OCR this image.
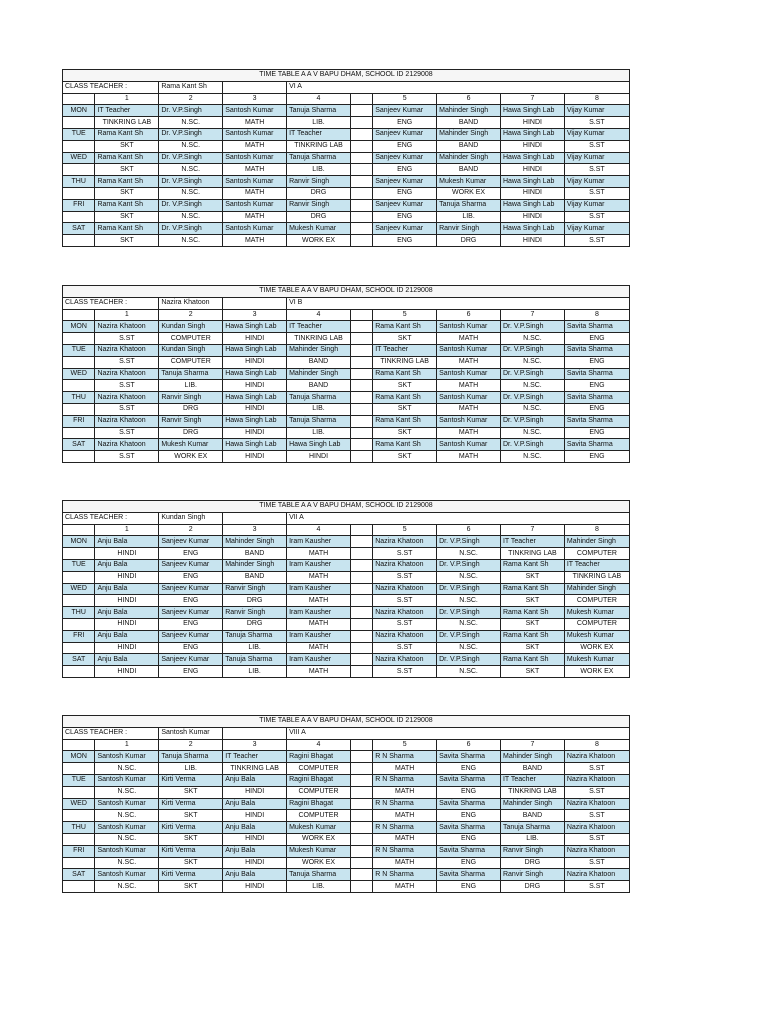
TIME TABLE A A V BAPU DHAM, SCHOOL ID 2129008									
CLASS TEACHER :		Rama Kant Sh		VI A					
	1	2	3	4		5	6	7	8
MON	IT Teacher	Dr. V.P.Singh	Santosh Kumar	Tanuja Sharma		Sanjeev Kumar	Mahinder Singh	Hawa Singh Lab	Vijay Kumar
	TINKRING LAB	N.SC.	MATH	LIB.		ENG	BAND	HINDI	S.ST
TUE	Rama Kant Sh	Dr. V.P.Singh	Santosh Kumar	IT Teacher		Sanjeev Kumar	Mahinder Singh	Hawa Singh Lab	Vijay Kumar
	SKT	N.SC.	MATH	TINKRING LAB		ENG	BAND	HINDI	S.ST
WED	Rama Kant Sh	Dr. V.P.Singh	Santosh Kumar	Tanuja Sharma		Sanjeev Kumar	Mahinder Singh	Hawa Singh Lab	Vijay Kumar
	SKT	N.SC.	MATH	LIB.		ENG	BAND	HINDI	S.ST
THU	Rama Kant Sh	Dr. V.P.Singh	Santosh Kumar	Ranvir Singh		Sanjeev Kumar	Mukesh Kumar	Hawa Singh Lab	Vijay Kumar
	SKT	N.SC.	MATH	DRG		ENG	WORK EX	HINDI	S.ST
FRI	Rama Kant Sh	Dr. V.P.Singh	Santosh Kumar	Ranvir Singh		Sanjeev Kumar	Tanuja Sharma	Hawa Singh Lab	Vijay Kumar
	SKT	N.SC.	MATH	DRG		ENG	LIB.	HINDI	S.ST
SAT	Rama Kant Sh	Dr. V.P.Singh	Santosh Kumar	Mukesh Kumar		Sanjeev Kumar	Ranvir Singh	Hawa Singh Lab	Vijay Kumar
	SKT	N.SC.	MATH	WORK EX		ENG	DRG	HINDI	S.ST
TIME TABLE A A V BAPU DHAM, SCHOOL ID 2129008									
CLASS TEACHER :		Nazira Khatoon		VI B					
	1	2	3	4		5	6	7	8
MON	Nazira Khatoon	Kundan Singh	Hawa Singh Lab	IT Teacher		Rama Kant Sh	Santosh Kumar	Dr. V.P.Singh	Savita Sharma
	S.ST	COMPUTER	HINDI	TINKRING LAB		SKT	MATH	N.SC.	ENG
TUE	Nazira Khatoon	Kundan Singh	Hawa Singh Lab	Mahinder Singh		IT Teacher	Santosh Kumar	Dr. V.P.Singh	Savita Sharma
	S.ST	COMPUTER	HINDI	BAND		TINKRING LAB	MATH	N.SC.	ENG
WED	Nazira Khatoon	Tanuja Sharma	Hawa Singh Lab	Mahinder Singh		Rama Kant Sh	Santosh Kumar	Dr. V.P.Singh	Savita Sharma
	S.ST	LIB.	HINDI	BAND		SKT	MATH	N.SC.	ENG
THU	Nazira Khatoon	Ranvir Singh	Hawa Singh Lab	Tanuja Sharma		Rama Kant Sh	Santosh Kumar	Dr. V.P.Singh	Savita Sharma
	S.ST	DRG	HINDI	LIB.		SKT	MATH	N.SC.	ENG
FRI	Nazira Khatoon	Ranvir Singh	Hawa Singh Lab	Tanuja Sharma		Rama Kant Sh	Santosh Kumar	Dr. V.P.Singh	Savita Sharma
	S.ST	DRG	HINDI	LIB.		SKT	MATH	N.SC.	ENG
SAT	Nazira Khatoon	Mukesh Kumar	Hawa Singh Lab	Hawa Singh Lab		Rama Kant Sh	Santosh Kumar	Dr. V.P.Singh	Savita Sharma
	S.ST	WORK EX	HINDI	HINDI		SKT	MATH	N.SC.	ENG
TIME TABLE A A V BAPU DHAM, SCHOOL ID 2129008									
CLASS TEACHER :		Kundan Singh		VII A					
	1	2	3	4		5	6	7	8
MON	Anju Bala	Sanjeev Kumar	Mahinder Singh	Iram Kausher		Nazira Khatoon	Dr. V.P.Singh	IT Teacher	Mahinder Singh
	HINDI	ENG	BAND	MATH		S.ST	N.SC.	TINKRING LAB	COMPUTER
TUE	Anju Bala	Sanjeev Kumar	Mahinder Singh	Iram Kausher		Nazira Khatoon	Dr. V.P.Singh	Rama Kant Sh	IT Teacher
	HINDI	ENG	BAND	MATH		S.ST	N.SC.	SKT	TINKRING LAB
WED	Anju Bala	Sanjeev Kumar	Ranvir Singh	Iram Kausher		Nazira Khatoon	Dr. V.P.Singh	Rama Kant Sh	Mahinder Singh
	HINDI	ENG	DRG	MATH		S.ST	N.SC.	SKT	COMPUTER
THU	Anju Bala	Sanjeev Kumar	Ranvir Singh	Iram Kausher		Nazira Khatoon	Dr. V.P.Singh	Rama Kant Sh	Mukesh Kumar
	HINDI	ENG	DRG	MATH		S.ST	N.SC.	SKT	COMPUTER
FRI	Anju Bala	Sanjeev Kumar	Tanuja Sharma	Iram Kausher		Nazira Khatoon	Dr. V.P.Singh	Rama Kant Sh	Mukesh Kumar
	HINDI	ENG	LIB.	MATH		S.ST	N.SC.	SKT	WORK EX
SAT	Anju Bala	Sanjeev Kumar	Tanuja Sharma	Iram Kausher		Nazira Khatoon	Dr. V.P.Singh	Rama Kant Sh	Mukesh Kumar
	HINDI	ENG	LIB.	MATH		S.ST	N.SC.	SKT	WORK EX
TIME TABLE A A V BAPU DHAM, SCHOOL ID 2129008									
CLASS TEACHER :		Santosh Kumar		VIII A					
	1	2	3	4		5	6	7	8
MON	Santosh Kumar	Tanuja Sharma	IT Teacher	Ragini Bhagat		R N Sharma	Savita Sharma	Mahinder Singh	Nazira Khatoon
	N.SC.	LIB.	TINKRING LAB	COMPUTER		MATH	ENG	BAND	S.ST
TUE	Santosh Kumar	Kirti Verma	Anju Bala	Ragini Bhagat		R N Sharma	Savita Sharma	IT Teacher	Nazira Khatoon
	N.SC.	SKT	HINDI	COMPUTER		MATH	ENG	TINKRING LAB	S.ST
WED	Santosh Kumar	Kirti Verma	Anju Bala	Ragini Bhagat		R N Sharma	Savita Sharma	Mahinder Singh	Nazira Khatoon
	N.SC.	SKT	HINDI	COMPUTER		MATH	ENG	BAND	S.ST
THU	Santosh Kumar	Kirti Verma	Anju Bala	Mukesh Kumar		R N Sharma	Savita Sharma	Tanuja Sharma	Nazira Khatoon
	N.SC.	SKT	HINDI	WORK EX		MATH	ENG	LIB.	S.ST
FRI	Santosh Kumar	Kirti Verma	Anju Bala	Mukesh Kumar		R N Sharma	Savita Sharma	Ranvir Singh	Nazira Khatoon
	N.SC.	SKT	HINDI	WORK EX		MATH	ENG	DRG	S.ST
SAT	Santosh Kumar	Kirti Verma	Anju Bala	Tanuja Sharma		R N Sharma	Savita Sharma	Ranvir Singh	Nazira Khatoon
	N.SC.	SKT	HINDI	LIB.		MATH	ENG	DRG	S.ST
